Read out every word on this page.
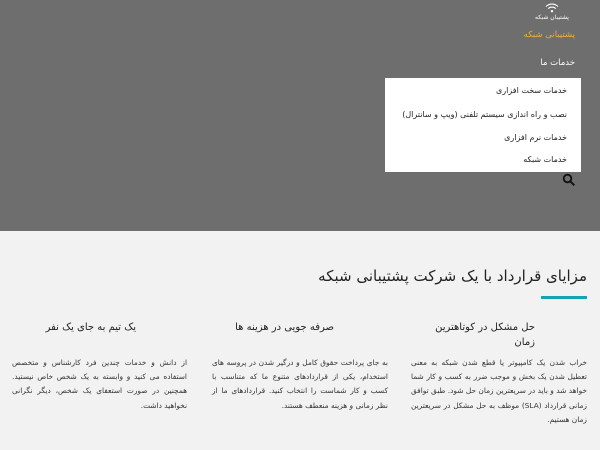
پشتیبان شبکه
پشتیبانی شبکه
خدمات ما
خدمات سخت افزاری
نصب و راه اندازی سیستم تلفنی (ویپ و سانترال)
خدمات نرم افزاری
خدمات شبکه
مزایای قرارداد با یک شرکت پشتیبانی شبکه
حل مشکل در کوتاهترین زمان

خراب شدن یک کامپیوتر یا قطع شدن شبکه به معنی تعطیل شدن یک بخش و موجب ضرر به کسب و کار شما خواهد شد و باید در سریعترین زمان حل شود. طبق توافق زمانی قرارداد (SLA) موظف به حل مشکل در سریعترین زمان هستیم.

صرفه جویی در هزینه ها

به جای پرداخت حقوق کامل و درگیر شدن در پروسه های استخدام، یکی از قراردادهای متنوع ما که متناسب با کسب و کار شماست را انتخاب کنید. قراردادهای ما از نظر زمانی و هزینه منعطف هستند.

یک تیم به جای یک نفر

از دانش و خدمات چندین فرد کارشناس و متخصص استفاده می کنید و وابسته به یک شخص خاص نیستید. همچنین در صورت استعفای یک شخص، دیگر نگرانی نخواهید داشت.
